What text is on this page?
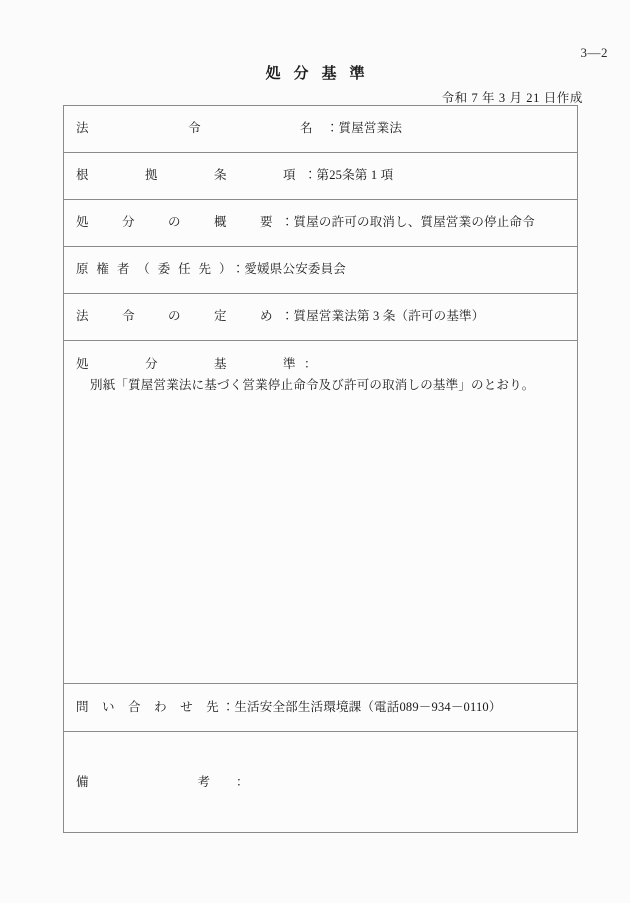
3—2
処分基準
令和 7 年 3 月 21 日作成
法　　　令　　　名：質屋営業法

根　　拠　　条　　項：第25条第 1 項

処　分　の　概　要：質屋の許可の取消し、質屋営業の停止命令

原 権 者 （ 委 任 先 ）：愛媛県公安委員会

法　令　の　定　め：質屋営業法第 3 条（許可の基準）

処　　分　　基　　準：
別紙「質屋営業法に基づく営業停止命令及び許可の取消しの基準」のとおり。

問 い 合 わ せ 先：生活安全部生活環境課（電話089－934－0110）

備　　考：
